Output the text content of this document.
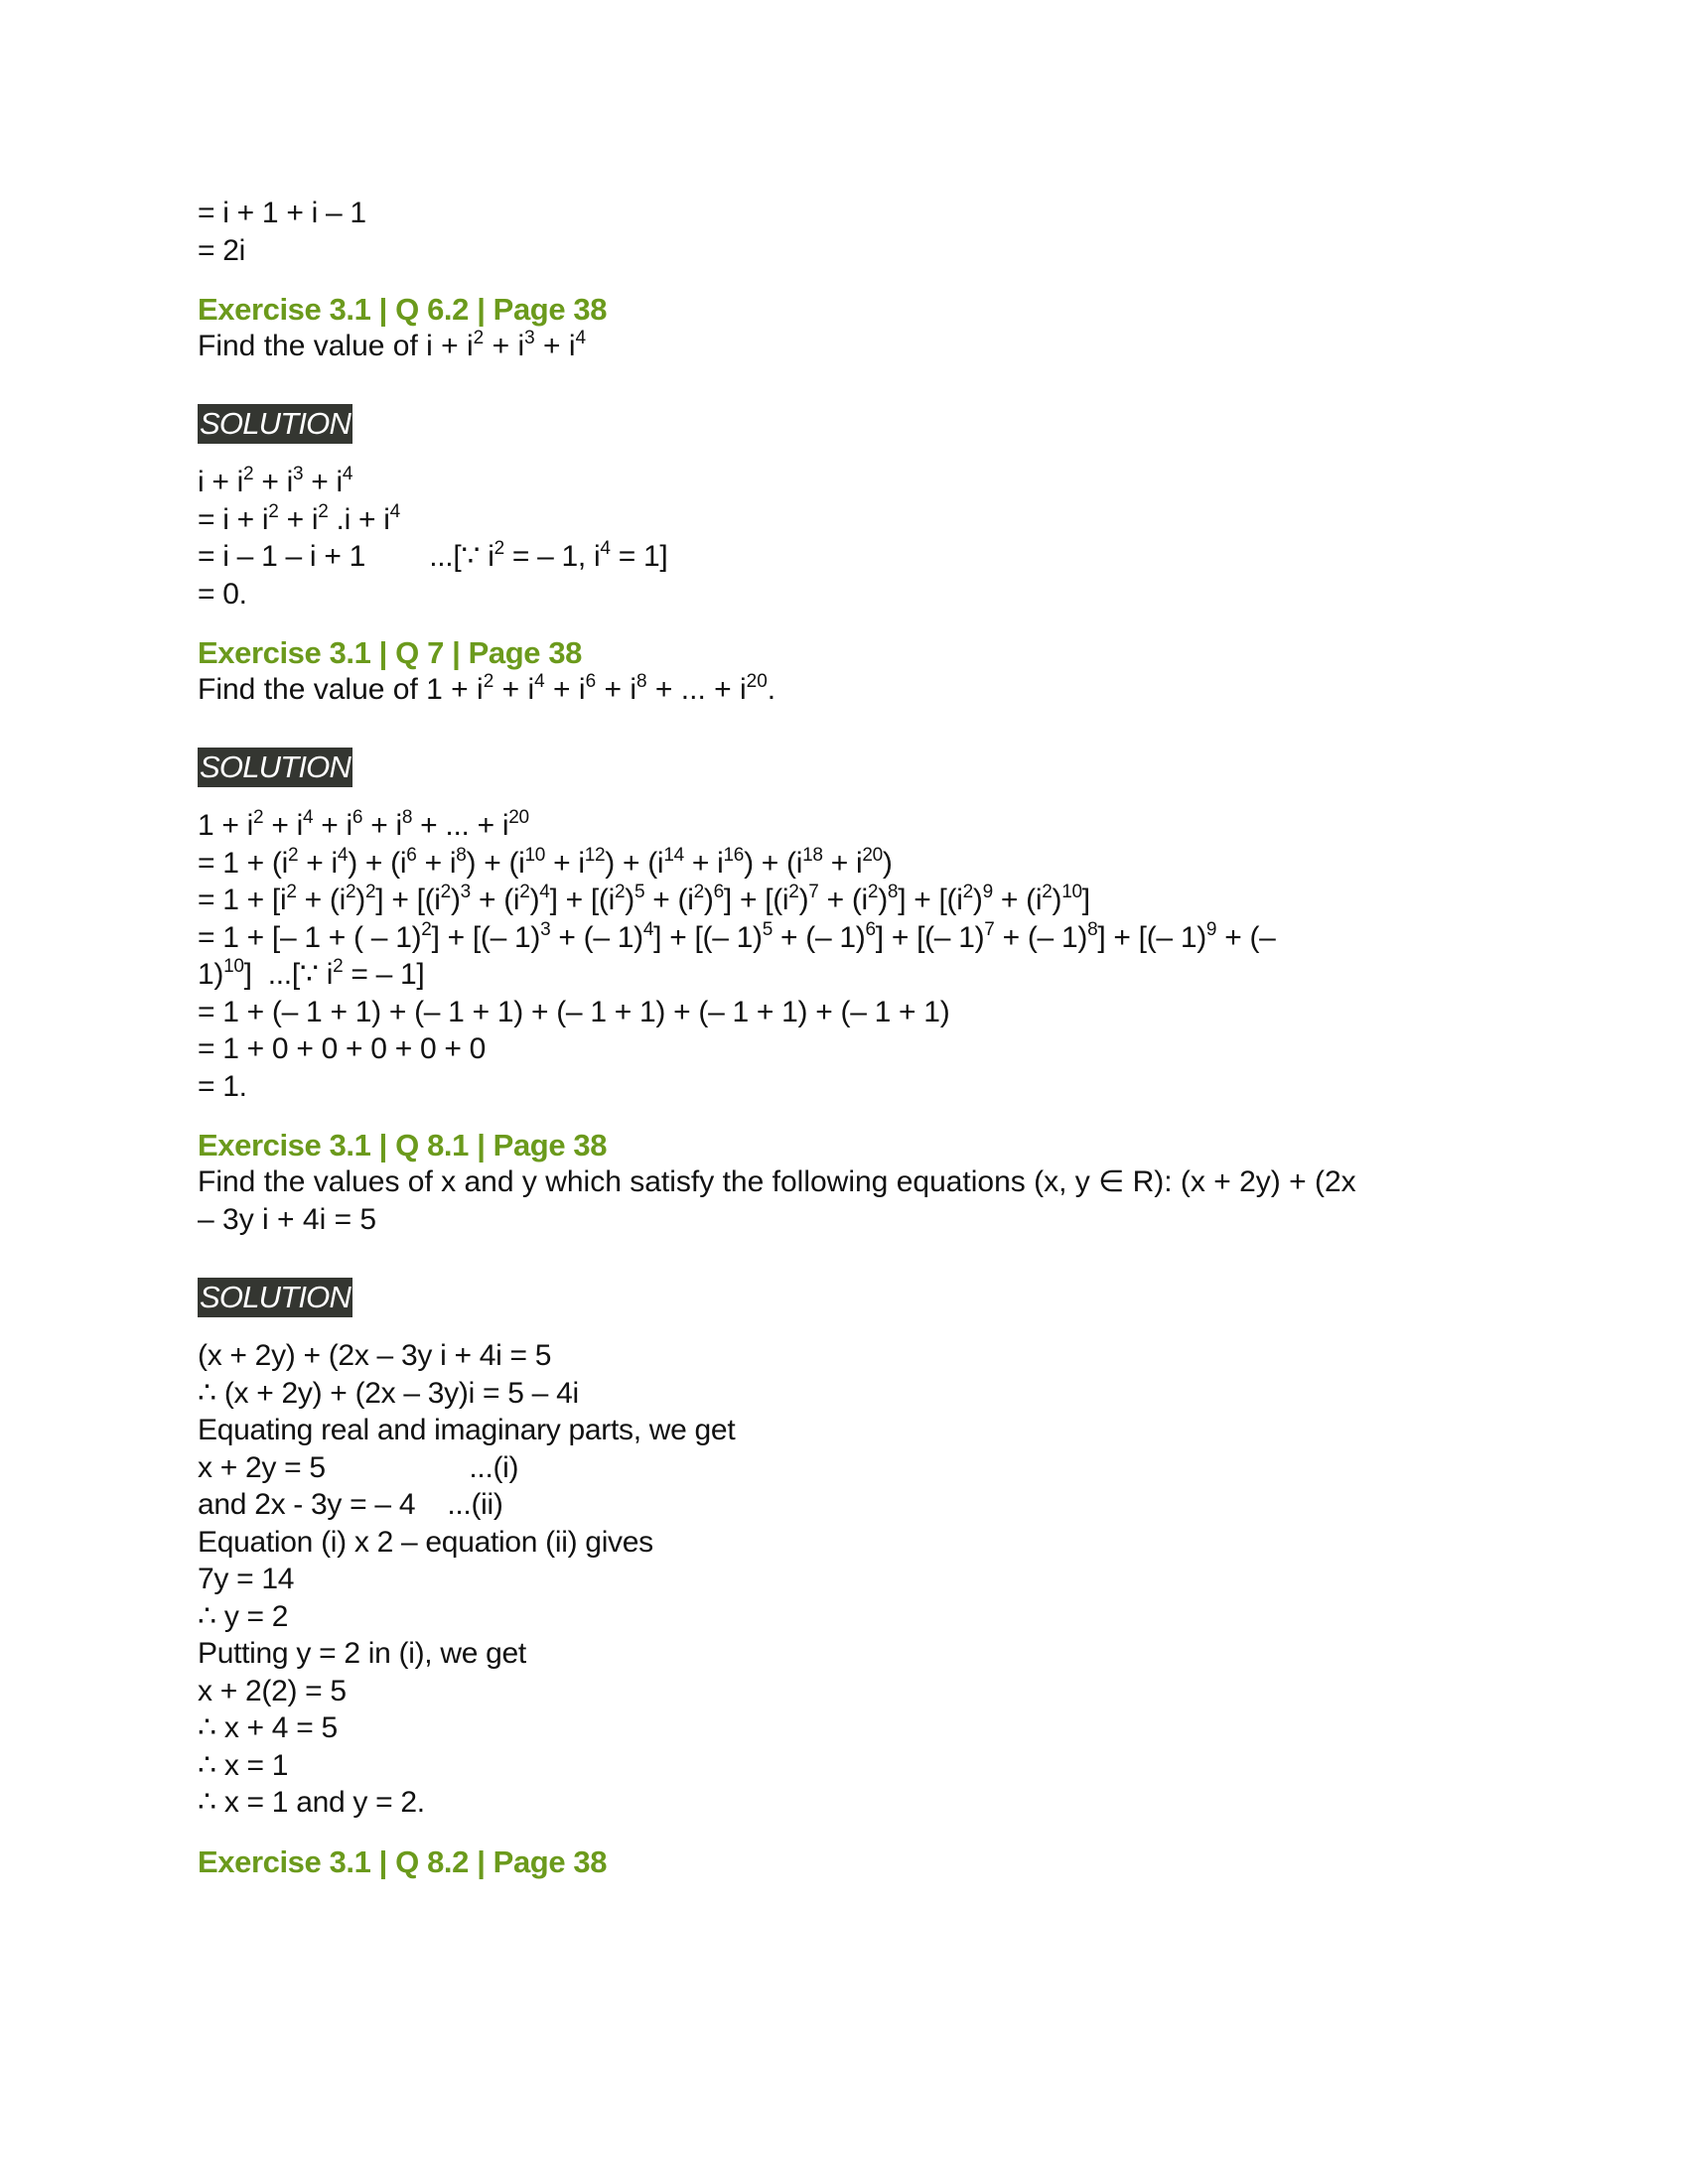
= i + 1 + i – 1
= 2i
Exercise 3.1 | Q 6.2 | Page 38
Find the value of $i + i^2 + i^3 + i^4$
SOLUTION
$i + i^2 + i^3 + i^4$
= $i + i^2 + i^2$ $.i + i^4$
= i – 1 – i + 1        ...[∵ $i^2$ = – 1, $i^4 = 1$]
= 0.
Exercise 3.1 | Q 7 | Page 38
Find the value of $1 + i^2 + i^4 + i^6 + i^8$ + ... + $i^{20}$.
SOLUTION
$1 + i^2 + i^4 + i^6 + i^8$ + ... + $i^{20}$
= $1 + (i^2 + i^4) + (i^6 + i^8) + (i^{10} + i^{12}) + (i^{14} + i^{16}) + (i^{18} + i^{20})$
= $1 + [i^2 + (i^2)^2] + [(i^2)^3 + (i^2)^4] + [(i^2)^5 + (i^2)^6] + [(i^2)^7 + (i^2)^8] + [(i^2)^9 + (i^2)^{10}]$
= 1 + [– 1 + ( – 1)$^2$] + [(– 1)$^3$ + (– 1)$^4$] + [(– 1)$^5$ + (– 1)$^6$] + [(– 1)$^7$ + (– 1)$^8$] + [(– 1)$^9$ + (–
1)$^{10}$]  ...[∵ $i^2$ = – 1]
= 1 + (– 1 + 1) + (– 1 + 1) + (– 1 + 1) + (– 1 + 1) + (– 1 + 1)
= 1 + 0 + 0 + 0 + 0 + 0
= 1.
Exercise 3.1 | Q 8.1 | Page 38
Find the values of x and y which satisfy the following equations (x, y ∈ R): (x + 2y) + (2x
– 3y i + 4i = 5
SOLUTION
(x + 2y) + (2x – 3y i + 4i = 5
∴ (x + 2y) + (2x – 3y)i = 5 – 4i
Equating real and imaginary parts, we get
x + 2y = 5                  ...(i)
and 2x - 3y = – 4    ...(ii)
Equation (i) x 2 – equation (ii) gives
7y = 14
∴ y = 2
Putting y = 2 in (i), we get
x + 2(2) = 5
∴ x + 4 = 5
∴ x = 1
∴ x = 1 and y = 2.
Exercise 3.1 | Q 8.2 | Page 38
